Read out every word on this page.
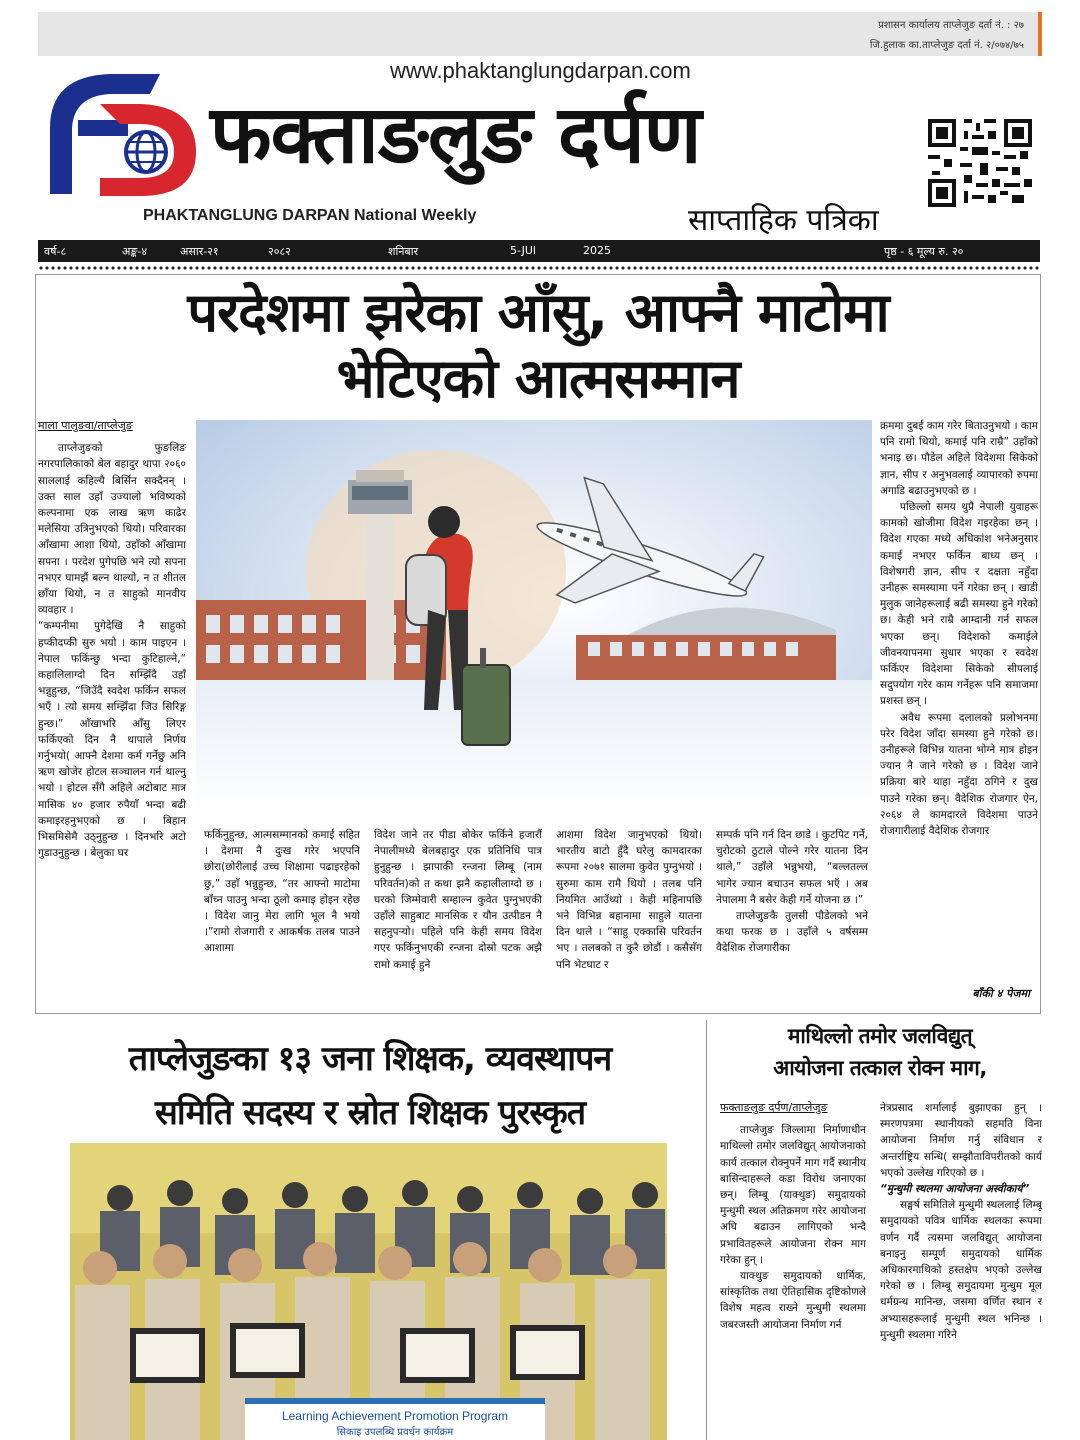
प्रशासन कार्यालय ताप्लेजुङ दर्ता नं. : २७
जि.हुलाक का.ताप्लेजुङ दर्ता नं. २/०७४/७५
www.phaktanglungdarpan.com
FD
फक्ताङलुङ दर्पण
PHAKTANGLUNG DARPAN National Weekly	साप्ताहिक पत्रिका
वर्ष-८	अङ्क-४	असार-२१	२०८२	शनिबार	5-JUl	2025	पृष्ठ - ६ मूल्य रु. २०
परदेशमा झरेका आँसु, आफ्नै माटोमा
भेटिएको आत्मसम्मान
माला पालुङवा/ताप्लेजुङ

ताप्लेजुङको फुङलिङ नगरपालिकाको बेल बहादुर थापा २०६० साललाई कहिल्यै बिर्सिन सक्दैनन् । उक्त साल उहाँ उज्यालो भविष्यको कल्पनामा एक लाख ऋण काढेर मलेसिया उत्रिनुभएको थियो। परिवारका आँखामा आशा थियो, उहाँको आँखामा सपना । परदेश पुगेपछि भने त्यो सपना नभएर घामझैं बल्न थाल्यो, न त शीतल छाँया थियो, न त साहुको मानवीय व्यवहार ।

“कम्पनीमा पुगेदेखि नै साहुको हप्कीदप्की सुरु भयो । काम पाइएन । नेपाल फर्किन्छु भन्दा कुटिहाल्ने,” कहालिलाग्दो दिन सम्झिँदै उहाँ भन्नुहुन्छ, “जिउँदै स्वदेश फर्किन सफल भएँ । त्यो समय सम्झिँदा जिउ सिरिङ्ग हुन्छ।” आँखाभरि आँसु लिएर फर्किएको दिन नै थापाले निर्णय गर्नुभयो( आफ्नै देशमा कर्म गर्नेछु अनि ऋण खोजेर होटल सञ्चालन गर्न थाल्नु भयो । होटल सँगै अहिले अटोबाट मात्र मासिक ४० हजार रुपैयाँ भन्दा बढी कमाइरहनुभएको छ । बिहान भिसमिसेमै उठ्नुहुन्छ । दिनभरि अटो गुडाउनुहुन्छ । बेलुका घर

फर्किनुहुन्छ, आत्मसम्मानको कमाई सहित । देशमा नै दुःख गरेर भएपनि छोरा(छोरीलाई उच्च शिक्षामा पढाइरहेको छु,” उहाँ भन्नुहुन्छ, “तर आफ्नो माटोमा बाँच्न पाउनु भन्दा ठूलो कमाइ होइन रहेछ । विदेश जानु मेरा लागि भूल नै भयो ।”रामो रोजगारी र आकर्षक तलब पाउने आशामा

विदेश जाने तर पीडा बोकेर फर्किने हजारौं नेपालीमध्ये बेलबहादुर एक प्रतिनिधि पात्र हुनुहुन्छ । झापाकी रन्जना लिम्बू (नाम परिवर्तन)को त कथा झनै कहालीलाग्दो छ । घरको जिम्मेवारी सम्हाल्न कुवेत पुग्नुभएकी उहाँले साहुबाट मानसिक र यौन उत्पीडन नै सहनुपर्‍यो। पहिले पनि केही समय विदेश गएर फर्किनुभएकी रन्जना दोस्रो पटक अझै रामो कमाई हुने

आशमा विदेश जानुभएको थियो। भारतीय बाटो हुँदै घरेलु कामदारका रूपमा २०७१ सालमा कुवेत पुग्नुभयो । सुरुमा काम रामै थियो । तलब पनि नियमित आउँथ्यो । केही महिनापछि भने विभिन्न बहानामा साहुले यातना दिन थाले । “साहु एक्कासि परिवर्तन भए । तलबको त कुरै छोडौं । कसैसँग पनि भेटघाट र

सम्पर्क पनि गर्न दिन छाडे । कुटपिट गर्ने, चुरोटको ठुटाले पोल्ने गरेर यातना दिन थाले,” उहाँले भन्नुभयो, “बल्लतल्ल भागेर ज्यान बचाउन सफल भएँ । अब नेपालमा नै बसेर केही गर्ने योजना छ ।”

ताप्लेजुङकै तुलसी पौडेलको भने कथा फरक छ । उहाँले ५ वर्षसम्म वैदेशिक रोजगारीका

क्रममा दुबई काम गरेर बिताउनुभयो । काम पनि रामो थियो, कमाई पनि राम्रै” उहाँको भनाइ छ। पौडेल अहिले विदेशमा सिकेको ज्ञान, सीप र अनुभवलाई व्यापारको रुपमा अगाडि बढाउनुभएको छ ।

पछिल्लो समय थुप्रै नेपाली युवाहरू कामको खोजीमा विदेश गइरहेका छन् । विदेश गएका मध्ये अधिकांश भनेअनुसार कमाई नभएर फर्किन बाध्य छन् । विशेषगरी ज्ञान, सीप र दक्षता नहुँदा उनीहरू समस्यामा पर्ने गरेका छन् । खाडी मुलुक जानेहरूलाई बढी समस्या हुने गरेको छ। केही भने राम्रै आम्दानी गर्न सफल भएका छन्। विदेशको कमाईले जीवनयापनमा सुधार भएका र स्वदेश फर्किएर विदेशमा सिकेको सीपलाई सदुपयोग गरेर काम गर्नेहरू पनि समाजमा प्रशस्त छन् ।

अवैध रूपमा दलालको प्रलोभनमा परेर विदेश जाँदा समस्या हुने गरेको छ। उनीहरूले विभिन्न यातना भोग्ने मात्र होइन ज्यान नै जाने गरेको छ । विदेश जाने प्रक्रिया बारे थाहा नहुँदा ठगिने र दुख पाउने गरेका छन्। वैदेशिक रोजगार ऐन, २०६४ ले कामदारले विदेशमा पाउने रोजगारीलाई वैदेशिक रोजगार

बाँकी ४ पेजमा
ताप्लेजुङका १३ जना शिक्षक, व्यवस्थापन
समिति सदस्य र स्रोत शिक्षक पुरस्कृत
Learning Achievement Promotion Program
सिकाइ उपलब्धि प्रवर्धन कार्यक्रम
माथिल्लो तमोर जलविद्युत्
आयोजना तत्काल रोक्न माग,
फक्ताङलुङ दर्पण/ताप्लेजुङ

ताप्लेजुङ जिल्लामा निर्माणाधीन माथिल्लो तमोर जलविद्युत् आयोजनाको कार्य तत्काल रोक्नुपर्ने माग गर्दै स्थानीय बासिन्दाहरूले कडा विरोध जनाएका छन्। लिम्बू (याक्थुङ) समुदायको मुन्धुमी स्थल अतिक्रमण गरेर आयोजना अघि बढाउन लागिएको भन्दै प्रभावितहरूले आयोजना रोक्न माग गरेका हुन् ।

याक्थुङ समुदायको धार्मिक, सांस्कृतिक तथा ऐतिहासिक दृष्टिकोणले विशेष महत्व राख्ने मुन्धुमी स्थलमा जबरजस्ती आयोजना निर्माण गर्न

नेत्रप्रसाद शर्मालाई बुझाएका हुन् । स्मरणपत्रमा स्थानीयको सहमति विना आयोजना निर्माण गर्नु संविधान र अन्तर्राष्ट्रिय सन्धि( सम्झौताविपरीतको कार्य भएको उल्लेख गरिएको छ ।

“मुन्धुमी स्थलमा आयोजना अस्वीकार्य”

सङ्घर्ष समितिले मुन्धुमी स्थललाई लिम्बू समुदायको पवित्र धार्मिक स्थलका रूपमा वर्णन गर्दै त्यसमा जलविद्युत् आयोजना बनाइनु सम्पूर्ण समुदायको धार्मिक अधिकारमाथिको हस्तक्षेप भएको उल्लेख गरेको छ । लिम्बू समुदायमा मुन्धुम मूल धर्मग्रन्थ मानिन्छ, जसमा वर्णित स्थान र अभ्यासहरूलाई मुन्धुमी स्थल भनिन्छ । मुन्धुमी स्थलमा गरिने
